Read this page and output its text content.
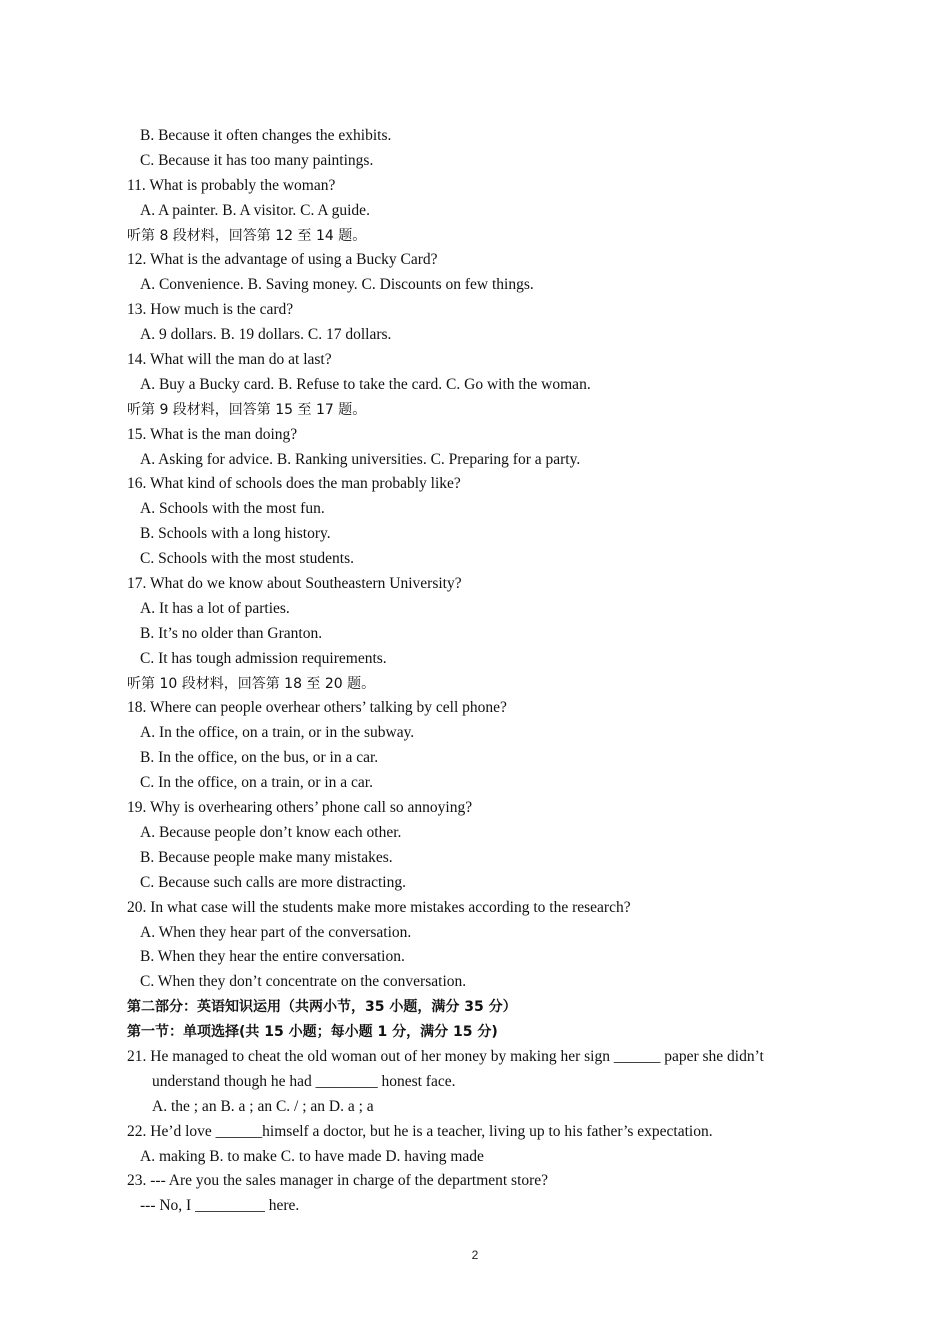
B. Because it often changes the exhibits.
C. Because it has too many paintings.
11. What is probably the woman?
A. A painter. B. A visitor. C. A guide.
听第 8 段材料，回答第 12 至 14 题。
12. What is the advantage of using a Bucky Card?
A. Convenience. B. Saving money. C. Discounts on few things.
13. How much is the card?
A. 9 dollars. B. 19 dollars. C. 17 dollars.
14. What will the man do at last?
A. Buy a Bucky card. B. Refuse to take the card. C. Go with the woman.
听第 9 段材料，回答第 15 至 17 题。
15. What is the man doing?
A. Asking for advice. B. Ranking universities. C. Preparing for a party.
16. What kind of schools does the man probably like?
A. Schools with the most fun.
B. Schools with a long history.
C. Schools with the most students.
17. What do we know about Southeastern University?
A. It has a lot of parties.
B. It’s no older than Granton.
C. It has tough admission requirements.
听第 10 段材料，回答第 18 至 20 题。
18. Where can people overhear others’ talking by cell phone?
A. In the office, on a train, or in the subway.
B. In the office, on the bus, or in a car.
C. In the office, on a train, or in a car.
19. Why is overhearing others’ phone call so annoying?
A. Because people don’t know each other.
B. Because people make many mistakes.
C. Because such calls are more distracting.
20. In what case will the students make more mistakes according to the research?
A. When they hear part of the conversation.
B. When they hear the entire conversation.
C. When they don’t concentrate on the conversation.
第二部分：英语知识运用（共两小节，35 小题，满分 35 分）
第一节：单项选择(共 15 小题；每小题 1 分，满分 15 分)
21. He managed to cheat the old woman out of her money by making her sign ______ paper she didn’t
understand though he had ________ honest face.
A. the ; an B. a ; an C. / ; an D. a ; a
22. He’d love ______himself a doctor, but he is a teacher, living up to his father’s expectation.
A. making B. to make C. to have made D. having made
23. --- Are you the sales manager in charge of the department store?
--- No, I _________ here.
2
